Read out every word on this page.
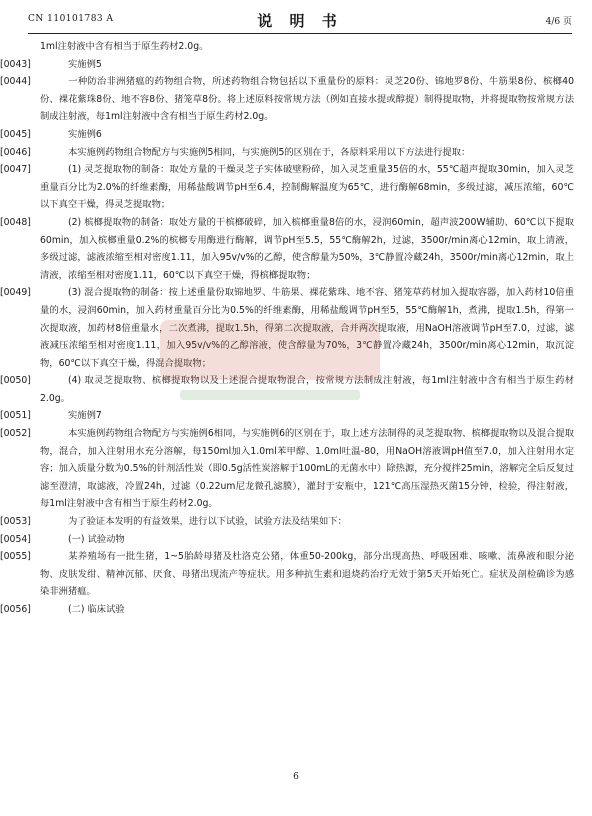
CN 110101783 A	说 明 书	4/6 页

1ml注射液中含有相当于原生药材2.0g。

[0043]	实施例5

[0044]	一种防治非洲猪瘟的药物组合物，所述药物组合物包括以下重量份的原料：灵芝20份、锦地罗8份、牛筋果8份、槟榔40份、裸花紫珠8份、地不容8份、猪笼草8份。将上述原料按常规方法（例如直接水提或醇提）制得提取物，并将提取物按常规方法制成注射液，每1ml注射液中含有相当于原生药材2.0g。

[0045]	实施例6

[0046]	本实施例药物组合物配方与实施例5相同，与实施例5的区别在于，各原料采用以下方法进行提取：

[0047]	(1) 灵芝提取物的制备：取处方量的干燥灵芝子实体破壁粉碎，加入灵芝重量35倍的水，55℃超声提取30min，加入灵芝重量百分比为2.0%的纤维素酶，用稀盐酸调节pH至6.4，控制酶解温度为65℃，进行酶解68min，多级过滤，减压浓缩，60℃以下真空干燥，得灵芝提取物；

[0048]	(2) 槟榔提取物的制备：取处方量的干槟榔破碎，加入槟榔重量8倍的水，浸润60min，超声波200W辅助、60℃以下提取60min，加入槟榔重量0.2%的槟榔专用酶进行酶解，调节pH至5.5，55℃酶解2h，过滤，3500r/min离心12min，取上清液，多级过滤，滤液浓缩至相对密度1.11，加入95v/v%的乙醇，使含醇量为50%，3℃静置冷藏24h，3500r/min离心12min，取上清液，浓缩至相对密度1.11，60℃以下真空干燥，得槟榔提取物；

[0049]	(3) 混合提取物的制备：按上述重量份取锦地罗、牛筋果、裸花紫珠、地不容、猪笼草药材加入提取容器，加入药材10倍重量的水，浸润60min，加入药材重量百分比为0.5%的纤维素酶，用稀盐酸调节pH至5，55℃酶解1h，煮沸，提取1.5h，得第一次提取液，加药材8倍重量水，二次煮沸，提取1.5h，得第二次提取液，合并两次提取液，用NaOH溶液调节pH至7.0，过滤，滤液减压浓缩至相对密度1.11，加入95v/v%的乙醇溶液，使含醇量为70%，3℃静置冷藏24h，3500r/min离心12min，取沉淀物，60℃以下真空干燥，得混合提取物；

[0050]	(4) 取灵芝提取物、槟榔提取物以及上述混合提取物混合，按常规方法制成注射液，每1ml注射液中含有相当于原生药材2.0g。

[0051]	实施例7

[0052]	本实施例药物组合物配方与实施例6相同，与实施例6的区别在于，取上述方法制得的灵芝提取物、槟榔提取物以及混合提取物，混合，加入注射用水充分溶解，每150ml加入1.0ml苯甲醇、1.0ml吐温-80，用NaOH溶液调pH值至7.0，加入注射用水定容；加入质量分数为0.5%的针剂活性炭（即0.5g活性炭溶解于100mL的无菌水中）除热源，充分搅拌25min，溶解完全后反复过滤至澄清，取滤液，冷置24h，过滤（0.22um尼龙微孔滤膜），灌封于安瓶中，121℃高压湿热灭菌15分钟，检验，得注射液，每1ml注射液中含有相当于原生药材2.0g。

[0053]	为了验证本发明的有益效果，进行以下试验，试验方法及结果如下：

[0054]	(一) 试验动物

[0055]	某养殖场有一批生猪，1~5胎龄母猪及杜洛克公猪，体重50-200kg，部分出现高热、呼吸困难、咳嗽、流鼻液和眼分泌物、皮肤发绀、精神沉郁、厌食、母猪出现流产等症状。用多种抗生素和退烧药治疗无效于第5天开始死亡。症状及剖检确诊为感染非洲猪瘟。

[0056]	(二) 临床试验

6
